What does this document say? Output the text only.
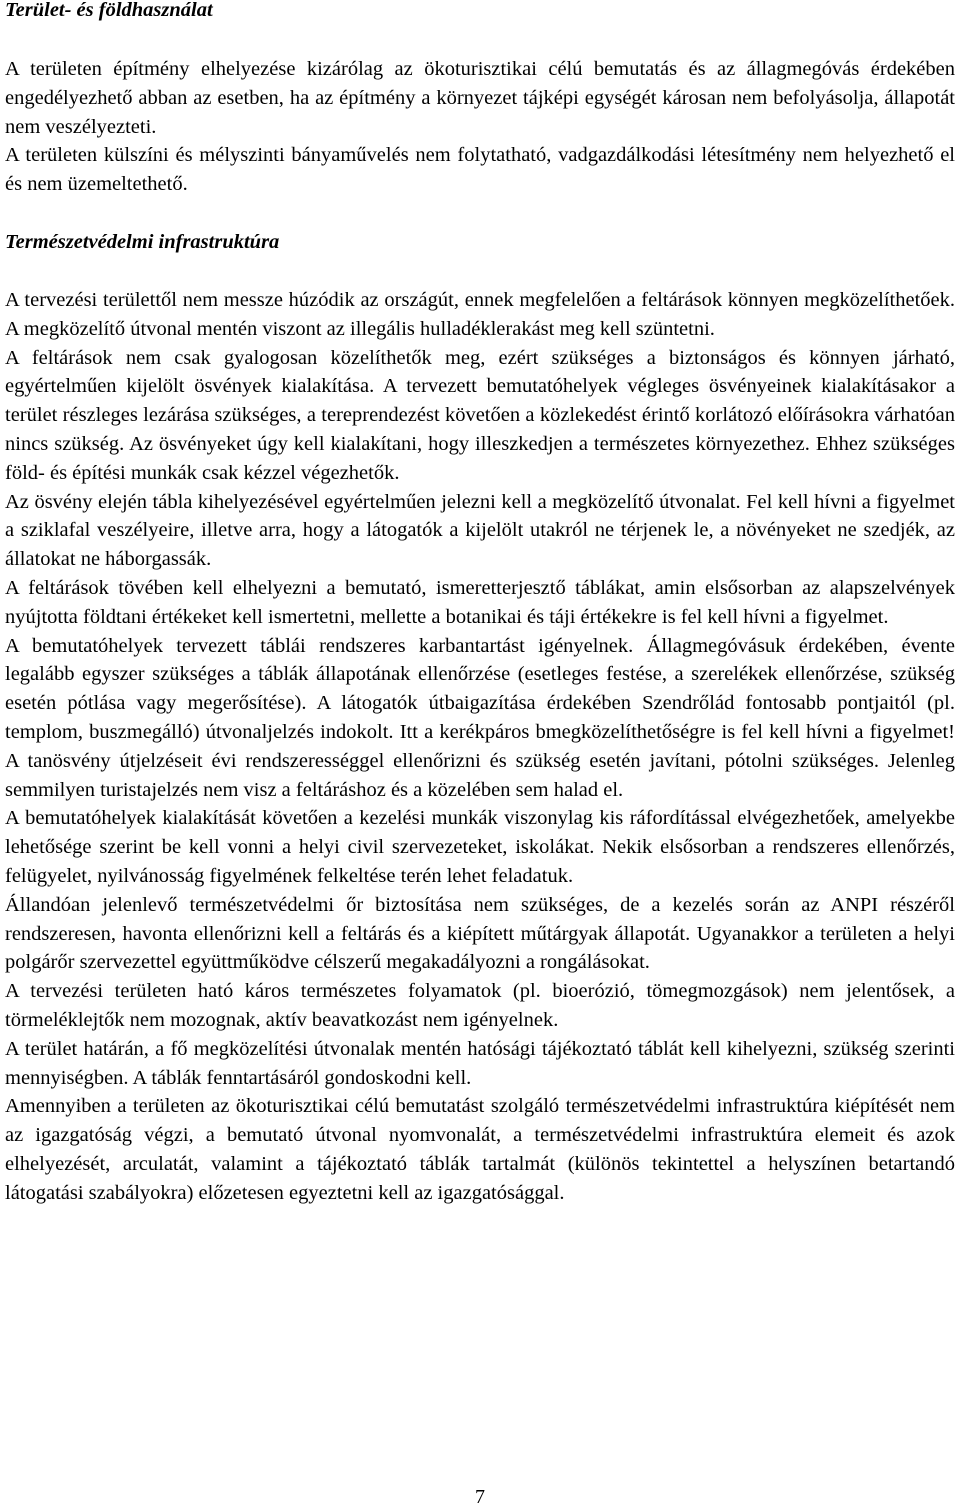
Terület- és földhasználat

A területen építmény elhelyezése kizárólag az ökoturisztikai célú bemutatás és az állagmegóvás érdekében engedélyezhető abban az esetben, ha az építmény a környezet tájképi egységét károsan nem befolyásolja, állapotát nem veszélyezteti.

A területen külszíni és mélyszinti bányaművelés nem folytatható, vadgazdálkodási létesítmény nem helyezhető el és nem üzemeltethető.

Természetvédelmi infrastruktúra

A tervezési területtől nem messze húzódik az országút, ennek megfelelően a feltárások könnyen megközelíthetőek. A megközelítő útvonal mentén viszont az illegális hulladéklerakást meg kell szüntetni.

A feltárások nem csak gyalogosan közelíthetők meg, ezért szükséges a biztonságos és könnyen járható, egyértelműen kijelölt ösvények kialakítása. A tervezett bemutatóhelyek végleges ösvényeinek kialakításakor a terület részleges lezárása szükséges, a tereprendezést követően a közlekedést érintő korlátozó előírásokra várhatóan nincs szükség. Az ösvényeket úgy kell kialakítani, hogy illeszkedjen a természetes környezethez. Ehhez szükséges föld- és építési munkák csak kézzel végezhetők.

Az ösvény elején tábla kihelyezésével egyértelműen jelezni kell a megközelítő útvonalat. Fel kell hívni a figyelmet a sziklafal veszélyeire, illetve arra, hogy a látogatók a kijelölt utakról ne térjenek le, a növényeket ne szedjék, az állatokat ne háborgassák.

A feltárások tövében kell elhelyezni a bemutató, ismeretterjesztő táblákat, amin elsősorban az alapszelvények nyújtotta földtani értékeket kell ismertetni, mellette a botanikai és táji értékekre is fel kell hívni a figyelmet.

A bemutatóhelyek tervezett táblái rendszeres karbantartást igényelnek. Állagmegóvásuk érdekében, évente legalább egyszer szükséges a táblák állapotának ellenőrzése (esetleges festése, a szerelékek ellenőrzése, szükség esetén pótlása vagy megerősítése). A látogatók útbaigazítása érdekében Szendrőlád fontosabb pontjaitól (pl. templom, buszmegálló) útvonaljelzés indokolt. Itt a kerékpáros bmegközelíthetőségre is fel kell hívni a figyelmet! A tanösvény útjelzéseit évi rendszerességgel ellenőrizni és szükség esetén javítani, pótolni szükséges. Jelenleg semmilyen turistajelzés nem visz a feltáráshoz és a közelében sem halad el.

A bemutatóhelyek kialakítását követően a kezelési munkák viszonylag kis ráfordítással elvégezhetőek, amelyekbe lehetősége szerint be kell vonni a helyi civil szervezeteket, iskolákat. Nekik elsősorban a rendszeres ellenőrzés, felügyelet, nyilvánosság figyelmének felkeltése terén lehet feladatuk.

Állandóan jelenlevő természetvédelmi őr biztosítása nem szükséges, de a kezelés során az ANPI részéről rendszeresen, havonta ellenőrizni kell a feltárás és a kiépített műtárgyak állapotát. Ugyanakkor a területen a helyi polgárőr szervezettel együttműködve célszerű megakadályozni a rongálásokat.

A tervezési területen ható káros természetes folyamatok (pl. bioerózió, tömegmozgások) nem jelentősek, a törmeléklejtők nem mozognak, aktív beavatkozást nem igényelnek.

A terület határán, a fő megközelítési útvonalak mentén hatósági tájékoztató táblát kell kihelyezni, szükség szerinti mennyiségben. A táblák fenntartásáról gondoskodni kell.

Amennyiben a területen az ökoturisztikai célú bemutatást szolgáló természetvédelmi infrastruktúra kiépítését nem az igazgatóság végzi, a bemutató útvonal nyomvonalát, a természetvédelmi infrastruktúra elemeit és azok elhelyezését, arculatát, valamint a tájékoztató táblák tartalmát (különös tekintettel a helyszínen betartandó látogatási szabályokra) előzetesen egyeztetni kell az igazgatósággal.

7
